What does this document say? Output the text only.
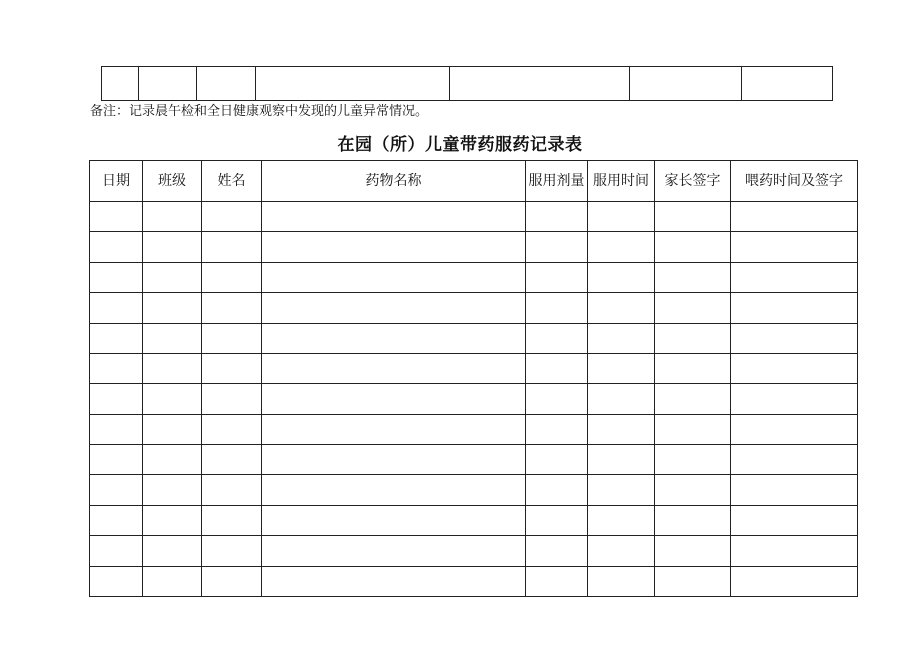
备注：记录晨午检和全日健康观察中发现的儿童异常情况。
在园（所）儿童带药服药记录表
日期	班级	姓名	药物名称	服用剂量	服用时间	家长签字	喂药时间及签字
